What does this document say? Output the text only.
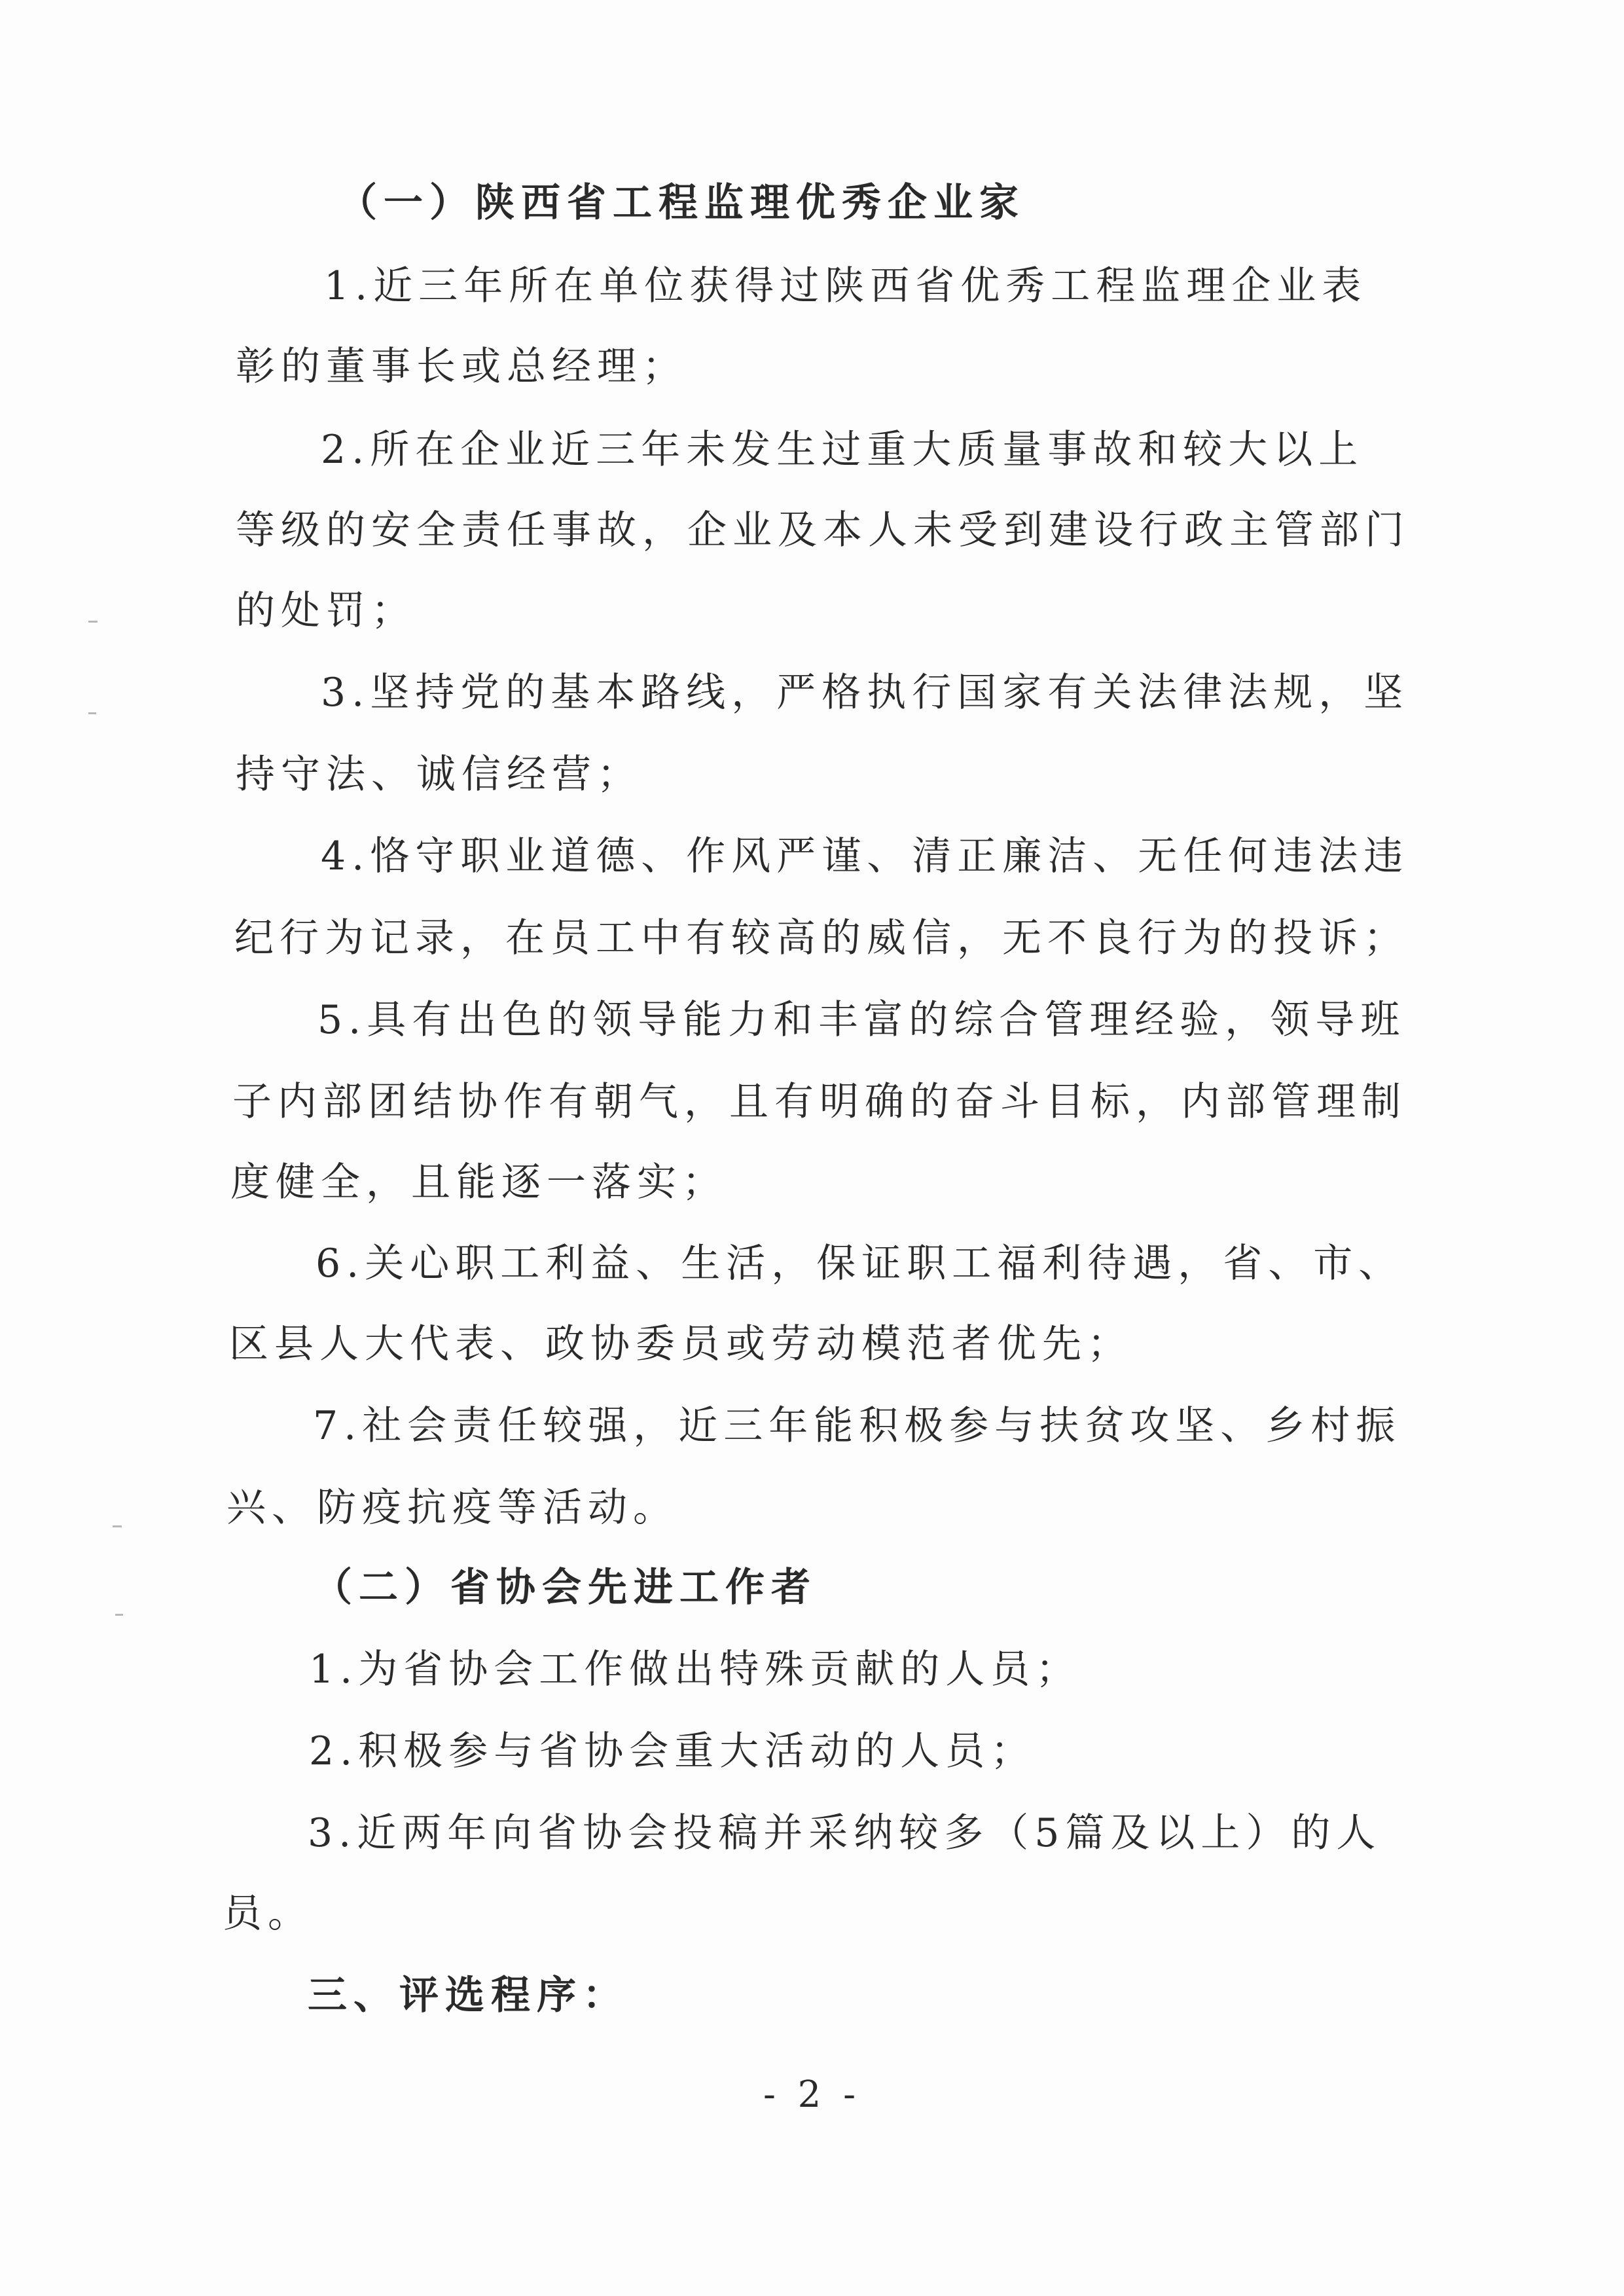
（一）陕西省工程监理优秀企业家
1.近三年所在单位获得过陕西省优秀工程监理企业表
彰的董事长或总经理；
2.所在企业近三年未发生过重大质量事故和较大以上
等级的安全责任事故，企业及本人未受到建设行政主管部门
的处罚；
3.坚持党的基本路线，严格执行国家有关法律法规，坚
持守法、诚信经营；
4.恪守职业道德、作风严谨、清正廉洁、无任何违法违
纪行为记录，在员工中有较高的威信，无不良行为的投诉；
5.具有出色的领导能力和丰富的综合管理经验，领导班
子内部团结协作有朝气，且有明确的奋斗目标，内部管理制
度健全，且能逐一落实；
6.关心职工利益、生活，保证职工福利待遇，省、市、
区县人大代表、政协委员或劳动模范者优先；
7.社会责任较强，近三年能积极参与扶贫攻坚、乡村振
兴、防疫抗疫等活动。
（二）省协会先进工作者
1.为省协会工作做出特殊贡献的人员；
2.积极参与省协会重大活动的人员；
3.近两年向省协会投稿并采纳较多（5篇及以上）的人
员。
三、评选程序：
- 2 -
